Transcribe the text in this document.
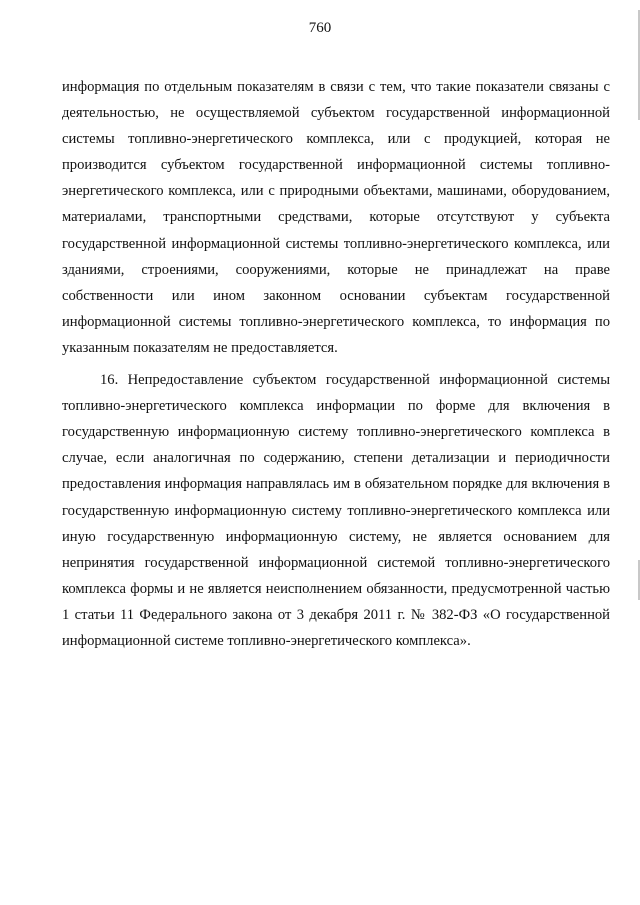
760

информация по отдельным показателям в связи с тем, что такие показатели связаны с деятельностью, не осуществляемой субъектом государственной информационной системы топливно-энергетического комплекса, или с продукцией, которая не производится субъектом государственной информационной системы топливно-энергетического комплекса, или с природными объектами, машинами, оборудованием, материалами, транспортными средствами, которые отсутствуют у субъекта государственной информационной системы топливно-энергетического комплекса, или зданиями, строениями, сооружениями, которые не принадлежат на праве собственности или ином законном основании субъектам государственной информационной системы топливно-энергетического комплекса, то информация по указанным показателям не предоставляется.

16. Непредоставление субъектом государственной информационной системы топливно-энергетического комплекса информации по форме для включения в государственную информационную систему топливно-энергетического комплекса в случае, если аналогичная по содержанию, степени детализации и периодичности предоставления информация направлялась им в обязательном порядке для включения в государственную информационную систему топливно-энергетического комплекса или иную государственную информационную систему, не является основанием для непринятия государственной информационной системой топливно-энергетического комплекса формы и не является неисполнением обязанности, предусмотренной частью 1 статьи 11 Федерального закона от 3 декабря 2011 г. № 382-ФЗ «О государственной информационной системе топливно-энергетического комплекса».
